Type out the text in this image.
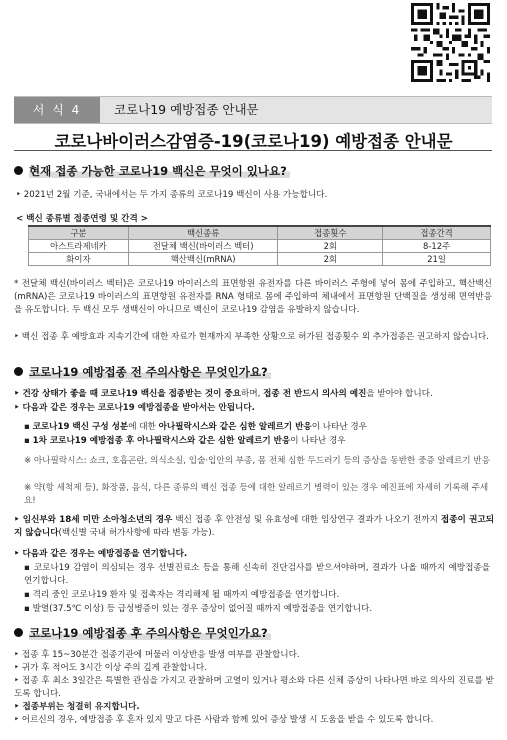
서 식 4	코로나19 예방접종 안내문
코로나바이러스감염증-19(코로나19) 예방접종 안내문
현재 접종 가능한 코로나19 백신은 무엇이 있나요?
‣ 2021년 2월 기준, 국내에서는 두 가지 종류의 코로나19 백신이 사용 가능합니다.
< 백신 종류별 접종연령 및 간격 >
구분	백신종류	접종횟수	접종간격
아스트라제네카	전달체 백신(바이러스 벡터)	2회	8-12주
화이자	핵산백신(mRNA)	2회	21일
* 전달체 백신(바이러스 벡터)은 코로나19 바이러스의 표면항원 유전자를 다른 바이러스 주형에 넣어 몸에 주입하고, 핵산백신(mRNA)은 코로나19 바이러스의 표면항원 유전자를 RNA 형태로 몸에 주입하여 체내에서 표면항원 단백질을 생성해 면역반응을 유도합니다. 두 백신 모두 생백신이 아니므로 백신이 코로나19 감염을 유발하지 않습니다.
‣ 백신 접종 후 예방효과 지속기간에 대한 자료가 현재까지 부족한 상황으로 허가된 접종횟수 외 추가접종은 권고하지 않습니다.
코로나19 예방접종 전 주의사항은 무엇인가요?
‣ 건강 상태가 좋을 때 코로나19 백신을 접종받는 것이 중요하며, 접종 전 반드시 의사의 예진을 받아야 합니다.
‣ 다음과 같은 경우는 코로나19 예방접종을 받아서는 안됩니다.
▪ 코로나19 백신 구성 성분에 대한 아나필락시스와 같은 심한 알레르기 반응이 나타난 경우
▪ 1차 코로나19 예방접종 후 아나필락시스와 같은 심한 알레르기 반응이 나타난 경우
※ 아나필락시스: 쇼크, 호흡곤란, 의식소실, 입술·입안의 부종, 몸 전체 심한 두드러기 등의 증상을 동반한 중증 알레르기 반응
※ 약(항 세척제 등), 화장품, 음식, 다른 종류의 백신 접종 등에 대한 알레르기 병력이 있는 경우 예진표에 자세히 기록해 주세요!
‣ 임신부와 18세 미만 소아청소년의 경우 백신 접종 후 안전성 및 유효성에 대한 임상연구 결과가 나오기 전까지 접종이 권고되지 않습니다(백신별 국내 허가사항에 따라 변동 가능).
‣ 다음과 같은 경우는 예방접종을 연기합니다.
▪ 코로나19 감염이 의심되는 경우 선별진료소 등을 통해 신속히 진단검사를 받으셔야하며, 결과가 나올 때까지 예방접종을 연기합니다.
▪ 격리 중인 코로나19 환자 및 접촉자는 격리해제 될 때까지 예방접종을 연기합니다.
▪ 발열(37.5℃ 이상) 등 급성병증이 있는 경우 증상이 없어질 때까지 예방접종을 연기합니다.
코로나19 예방접종 후 주의사항은 무엇인가요?
‣ 접종 후 15~30분간 접종기관에 머물러 이상반응 발생 여부를 관찰합니다.
‣ 귀가 후 적어도 3시간 이상 주의 깊게 관찰합니다.
‣ 접종 후 최소 3일간은 특별한 관심을 가지고 관찰하며 고열이 있거나 평소와 다른 신체 증상이 나타나면 바로 의사의 진료를 받도록 합니다.
‣ 접종부위는 청결히 유지합니다.
‣ 어르신의 경우, 예방접종 후 혼자 있지 말고 다른 사람과 함께 있어 증상 발생 시 도움을 받을 수 있도록 합니다.
